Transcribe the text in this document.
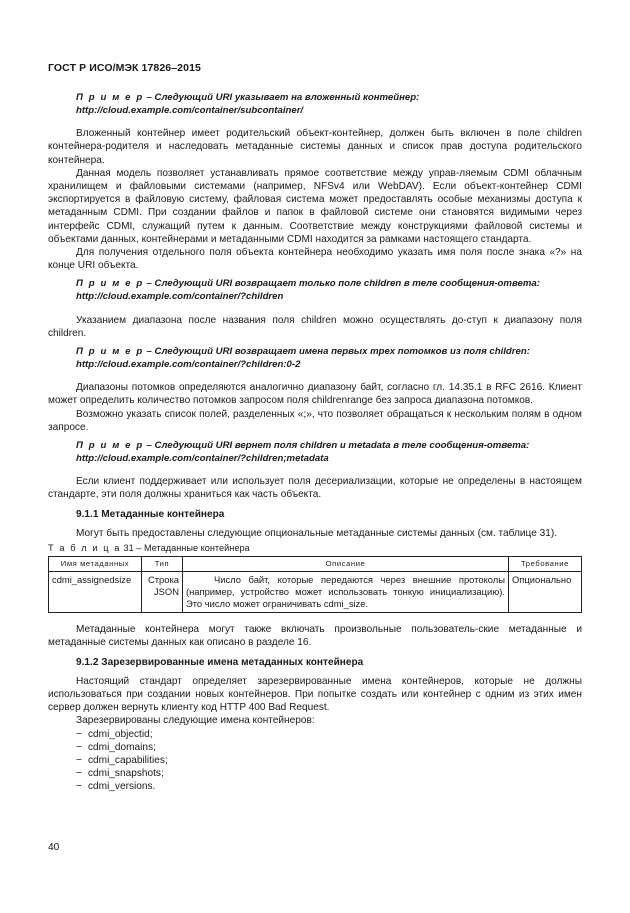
ГОСТ Р ИСО/МЭК 17826–2015

П р и м е р – Следующий URI указывает на вложенный контейнер:

http://cloud.example.com/container/subcontainer/

Вложенный контейнер имеет родительский объект-контейнер, должен быть включен в поле children контейнера-родителя и наследовать метаданные системы данных и список прав доступа родительского контейнера.

Данная модель позволяет устанавливать прямое соответствие между управ-ляемым CDMI облачным хранилищем и файловыми системами (например, NFSv4 или WebDAV). Если объект-контейнер CDMI экспортируется в файловую систему, файловая система может предоставлять особые механизмы доступа к метаданным CDMI. При создании файлов и папок в файловой системе они становятся видимыми через интерфейс CDMI, служащий путем к данным. Соответствие между конструкциями файловой системы и объектами данных, контейнерами и метаданными CDMI находится за рамками настоящего стандарта.

Для получения отдельного поля объекта контейнера необходимо указать имя поля после знака «?» на конце URI объекта.

П р и м е р – Следующий URI возвращает только поле children в теле сообщения-ответа:

http://cloud.example.com/container/?children

Указанием диапазона после названия поля children можно осуществлять до-ступ к диапазону поля children.

П р и м е р – Следующий URI возвращает имена первых трех потомков из поля children:

http://cloud.example.com/container/?children:0-2

Диапазоны потомков определяются аналогично диапазону байт, согласно гл. 14.35.1 в RFC 2616. Клиент может определить количество потомков запросом поля childrenrange без запроса диапазона потомков.

Возможно указать список полей, разделенных «;», что позволяет обращаться к нескольким полям в одном запросе.

П р и м е р – Следующий URI вернет поля children и metadata в теле сообщения-ответа:

http://cloud.example.com/container/?children;metadata

Если клиент поддерживает или использует поля десериализации, которые не определены в настоящем стандарте, эти поля должны храниться как часть объекта.

9.1.1 Метаданные контейнера

Могут быть предоставлены следующие опциональные метаданные системы данных (см. таблице 31).

Т а б л и ц а 31 – Метаданные контейнера

Имя метаданных	Тип	Описание	Требование
cdmi_assignedsize	Строка JSON	Число байт, которые передаются через внешние протоколы (например, устройство может использовать тонкую инициализацию). Это число может ограничивать cdmi_size.	Опционально

Метаданные контейнера могут также включать произвольные пользователь-ские метаданные и метаданные системы данных как описано в разделе 16.

9.1.2 Зарезервированные имена метаданных контейнера

Настоящий стандарт определяет зарезервированные имена контейнеров, которые не должны использоваться при создании новых контейнеров. При попытке создать или контейнер с одним из этих имен сервер должен вернуть клиенту код HTTP 400 Bad Request.

Зарезервированы следующие имена контейнеров:

− cdmi_objectid;
− cdmi_domains;
− cdmi_capabilities;
− cdmi_snapshots;
− cdmi_versions.
40
